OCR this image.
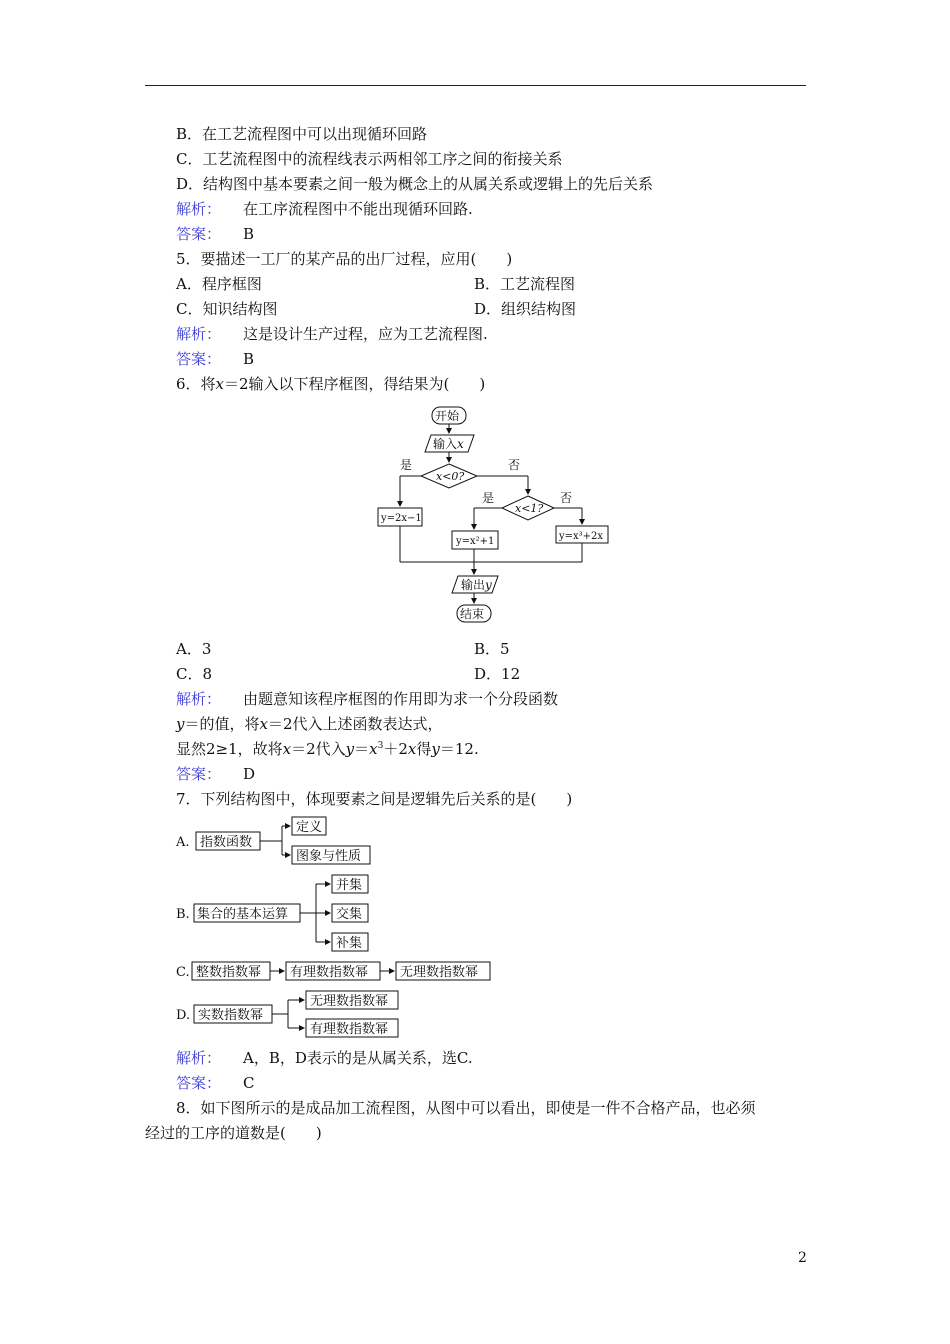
B．在工艺流程图中可以出现循环回路
C．工艺流程图中的流程线表示两相邻工序之间的衔接关系
D．结构图中基本要素之间一般为概念上的从属关系或逻辑上的先后关系
解析： 在工序流程图中不能出现循环回路.
答案： B
5．要描述一工厂的某产品的出厂过程，应用(　　)
A．程序框图	B．工艺流程图
C．知识结构图	D．组织结构图
解析： 这是设计生产过程，应为工艺流程图.
答案： B
6．将x＝2输入以下程序框图，得结果为(　　)
开始
输入x
x<0?
是	否
x<1?
是	否
y=2x−1
y=x²+1	y=x³+2x
输出y
结束
A．3	B．5
C．8	D．12
解析： 由题意知该程序框图的作用即为求一个分段函数
y＝的值，将x＝2代入上述函数表达式，
显然2≥1，故将x＝2代入$y=x^3+2x$得y＝12.
答案： D
7．下列结构图中，体现要素之间是逻辑先后关系的是(　　)
A. 指数函数
定义
图象与性质
B. 集合的基本运算
并集
交集
补集
C. 整数指数幂 有理数指数幂 无理数指数幂
D. 实数指数幂
无理数指数幂
有理数指数幂
解析： A，B，D表示的是从属关系，选C.
答案： C
8．如下图所示的是成品加工流程图，从图中可以看出，即使是一件不合格产品，也必须
经过的工序的道数是(　　)
2
